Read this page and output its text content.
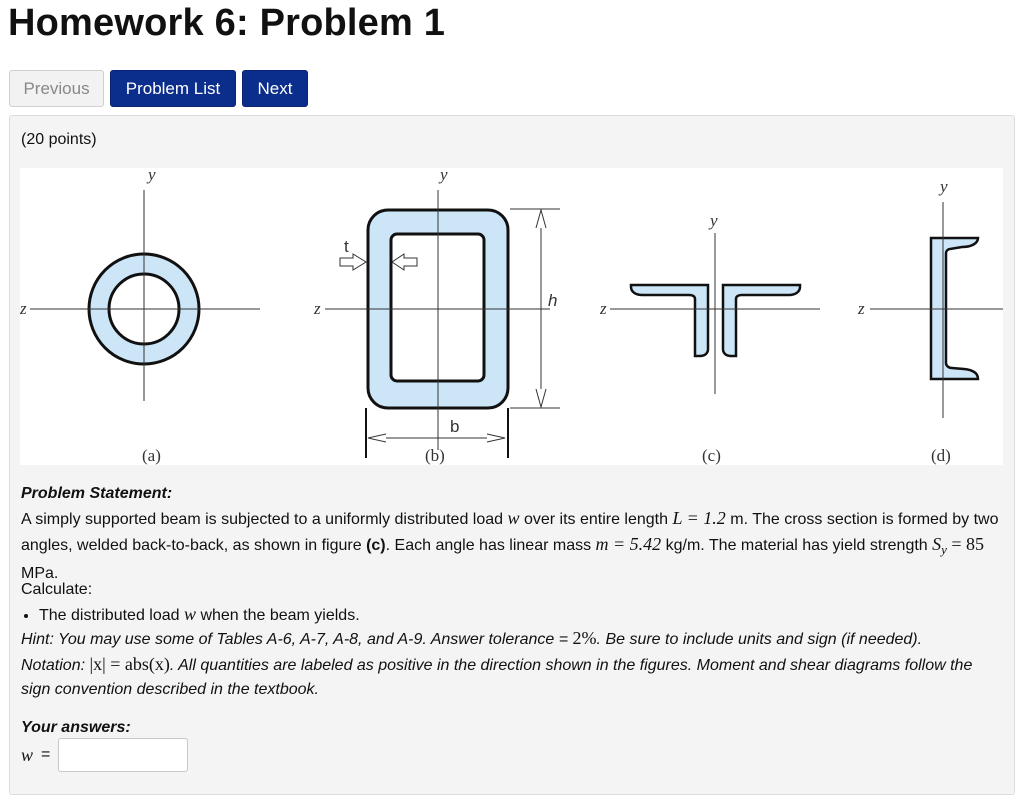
Homework 6: Problem 1
Previous	Problem List	Next
(20 points)
y
z
(a)
y
z
t
h
b
(b)
y
z
(c)
y
z
(d)
Problem Statement:
A simply supported beam is subjected to a uniformly distributed load w over its entire length L = 1.2 m. The cross section is formed by two angles, welded back-to-back, as shown in figure (c). Each angle has linear mass m = 5.42 kg/m. The material has yield strength $S_y = 85$ MPa.
Calculate:
• The distributed load w when the beam yields.
Hint: You may use some of Tables A-6, A-7, A-8, and A-9. Answer tolerance = 2%. Be sure to include units and sign (if needed).
Notation: |x| = abs(x). All quantities are labeled as positive in the direction shown in the figures. Moment and shear diagrams follow the sign convention described in the textbook.
Your answers:
w =
